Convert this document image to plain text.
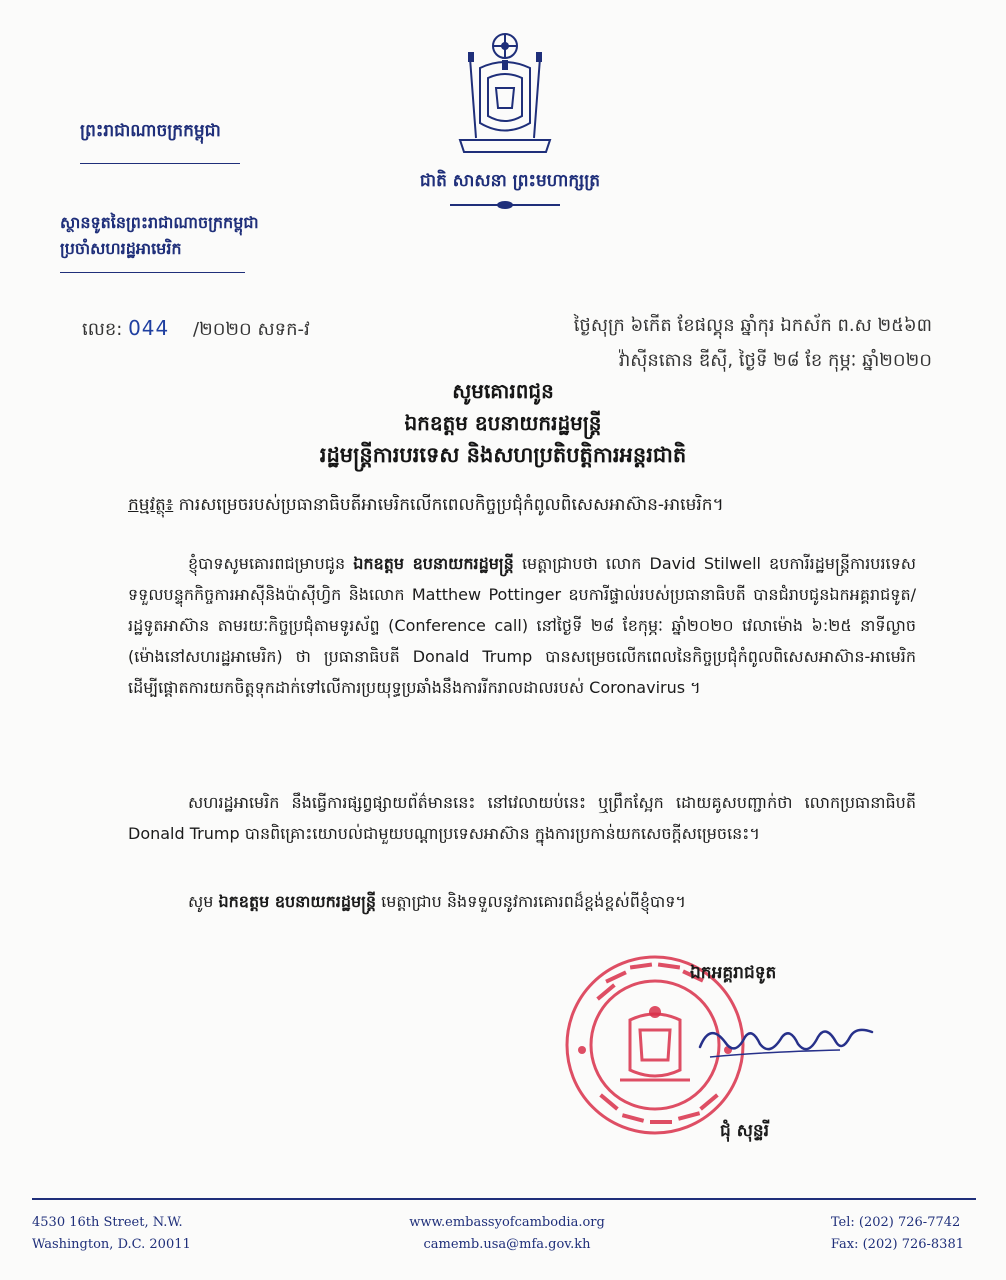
ជាតិ សាសនា ព្រះមហាក្សត្រ
ព្រះរាជាណាចក្រកម្ពុជា
ស្ថានទូតនៃព្រះរាជាណាចក្រកម្ពុជា
ប្រចាំសហរដ្ឋអាមេរិក
លេខ: 044 /២០២០ សទក-វ	ថ្ងៃសុក្រ ៦កើត ខែផល្គុន ឆ្នាំកុរ ឯកស័ក ព.ស ២៥៦៣
វ៉ាស៊ីនតោន ឌីស៊ី, ថ្ងៃទី ២៨ ខែ កុម្ភៈ ឆ្នាំ២០២០
សូមគោរពជូន
ឯកឧត្តម ឧបនាយករដ្ឋមន្ត្រី
រដ្ឋមន្ត្រីការបរទេស និងសហប្រតិបត្តិការអន្តរជាតិ
កម្មវត្ថុ៖ ការសម្រេចរបស់ប្រធានាធិបតីអាមេរិកលើកពេលកិច្ចប្រជុំកំពូលពិសេសអាស៊ាន-អាមេរិក។
ខ្ញុំបាទសូមគោរពជម្រាបជូន ឯកឧត្តម ឧបនាយករដ្ឋមន្ត្រី មេត្តាជ្រាបថា លោក David Stilwell ឧបការីរដ្ឋមន្ត្រីការបរទេស ទទួលបន្ទុកកិច្ចការអាស៊ីនិងប៉ាស៊ីហ្វិក និងលោក Matthew Pottinger ឧបការីផ្ទាល់របស់ប្រធានាធិបតី បានជំរាបជូនឯកអគ្គរាជទូត/រដ្ឋទូតអាស៊ាន តាមរយៈកិច្ចប្រជុំតាមទូរស័ព្ទ (Conference call) នៅថ្ងៃទី ២៨ ខែកុម្ភៈ ឆ្នាំ២០២០ វេលាម៉ោង ៦:២៥ នាទីល្ងាច (ម៉ោងនៅសហរដ្ឋអាមេរិក) ថា ប្រធានាធិបតី Donald Trump បានសម្រេចលើកពេលនៃកិច្ចប្រជុំកំពូលពិសេសអាស៊ាន-អាមេរិក ដើម្បីផ្តោតការយកចិត្តទុកដាក់ទៅលើការប្រយុទ្ធប្រឆាំងនឹងការរីករាលដាលរបស់ Coronavirus ។
សហរដ្ឋអាមេរិក នឹងធ្វើការផ្សព្វផ្សាយព័ត៌មាននេះ នៅវេលាយប់នេះ ឬព្រឹកស្អែក ដោយគូសបញ្ជាក់ថា លោកប្រធានាធិបតី Donald Trump បានពិគ្រោះយោបល់ជាមួយបណ្តាប្រទេសអាស៊ាន ក្នុងការប្រកាន់យកសេចក្តីសម្រេចនេះ។
សូម ឯកឧត្តម ឧបនាយករដ្ឋមន្ត្រី មេត្តាជ្រាប និងទទួលនូវការគោរពដ៏ខ្ពង់ខ្ពស់ពីខ្ញុំបាទ។
ឯកអគ្គរាជទូត
ជុំ សុន្ទរី
4530 16th Street, N.W.
Washington, D.C. 20011
www.embassyofcambodia.org
camemb.usa@mfa.gov.kh
Tel: (202) 726-7742
Fax: (202) 726-8381
